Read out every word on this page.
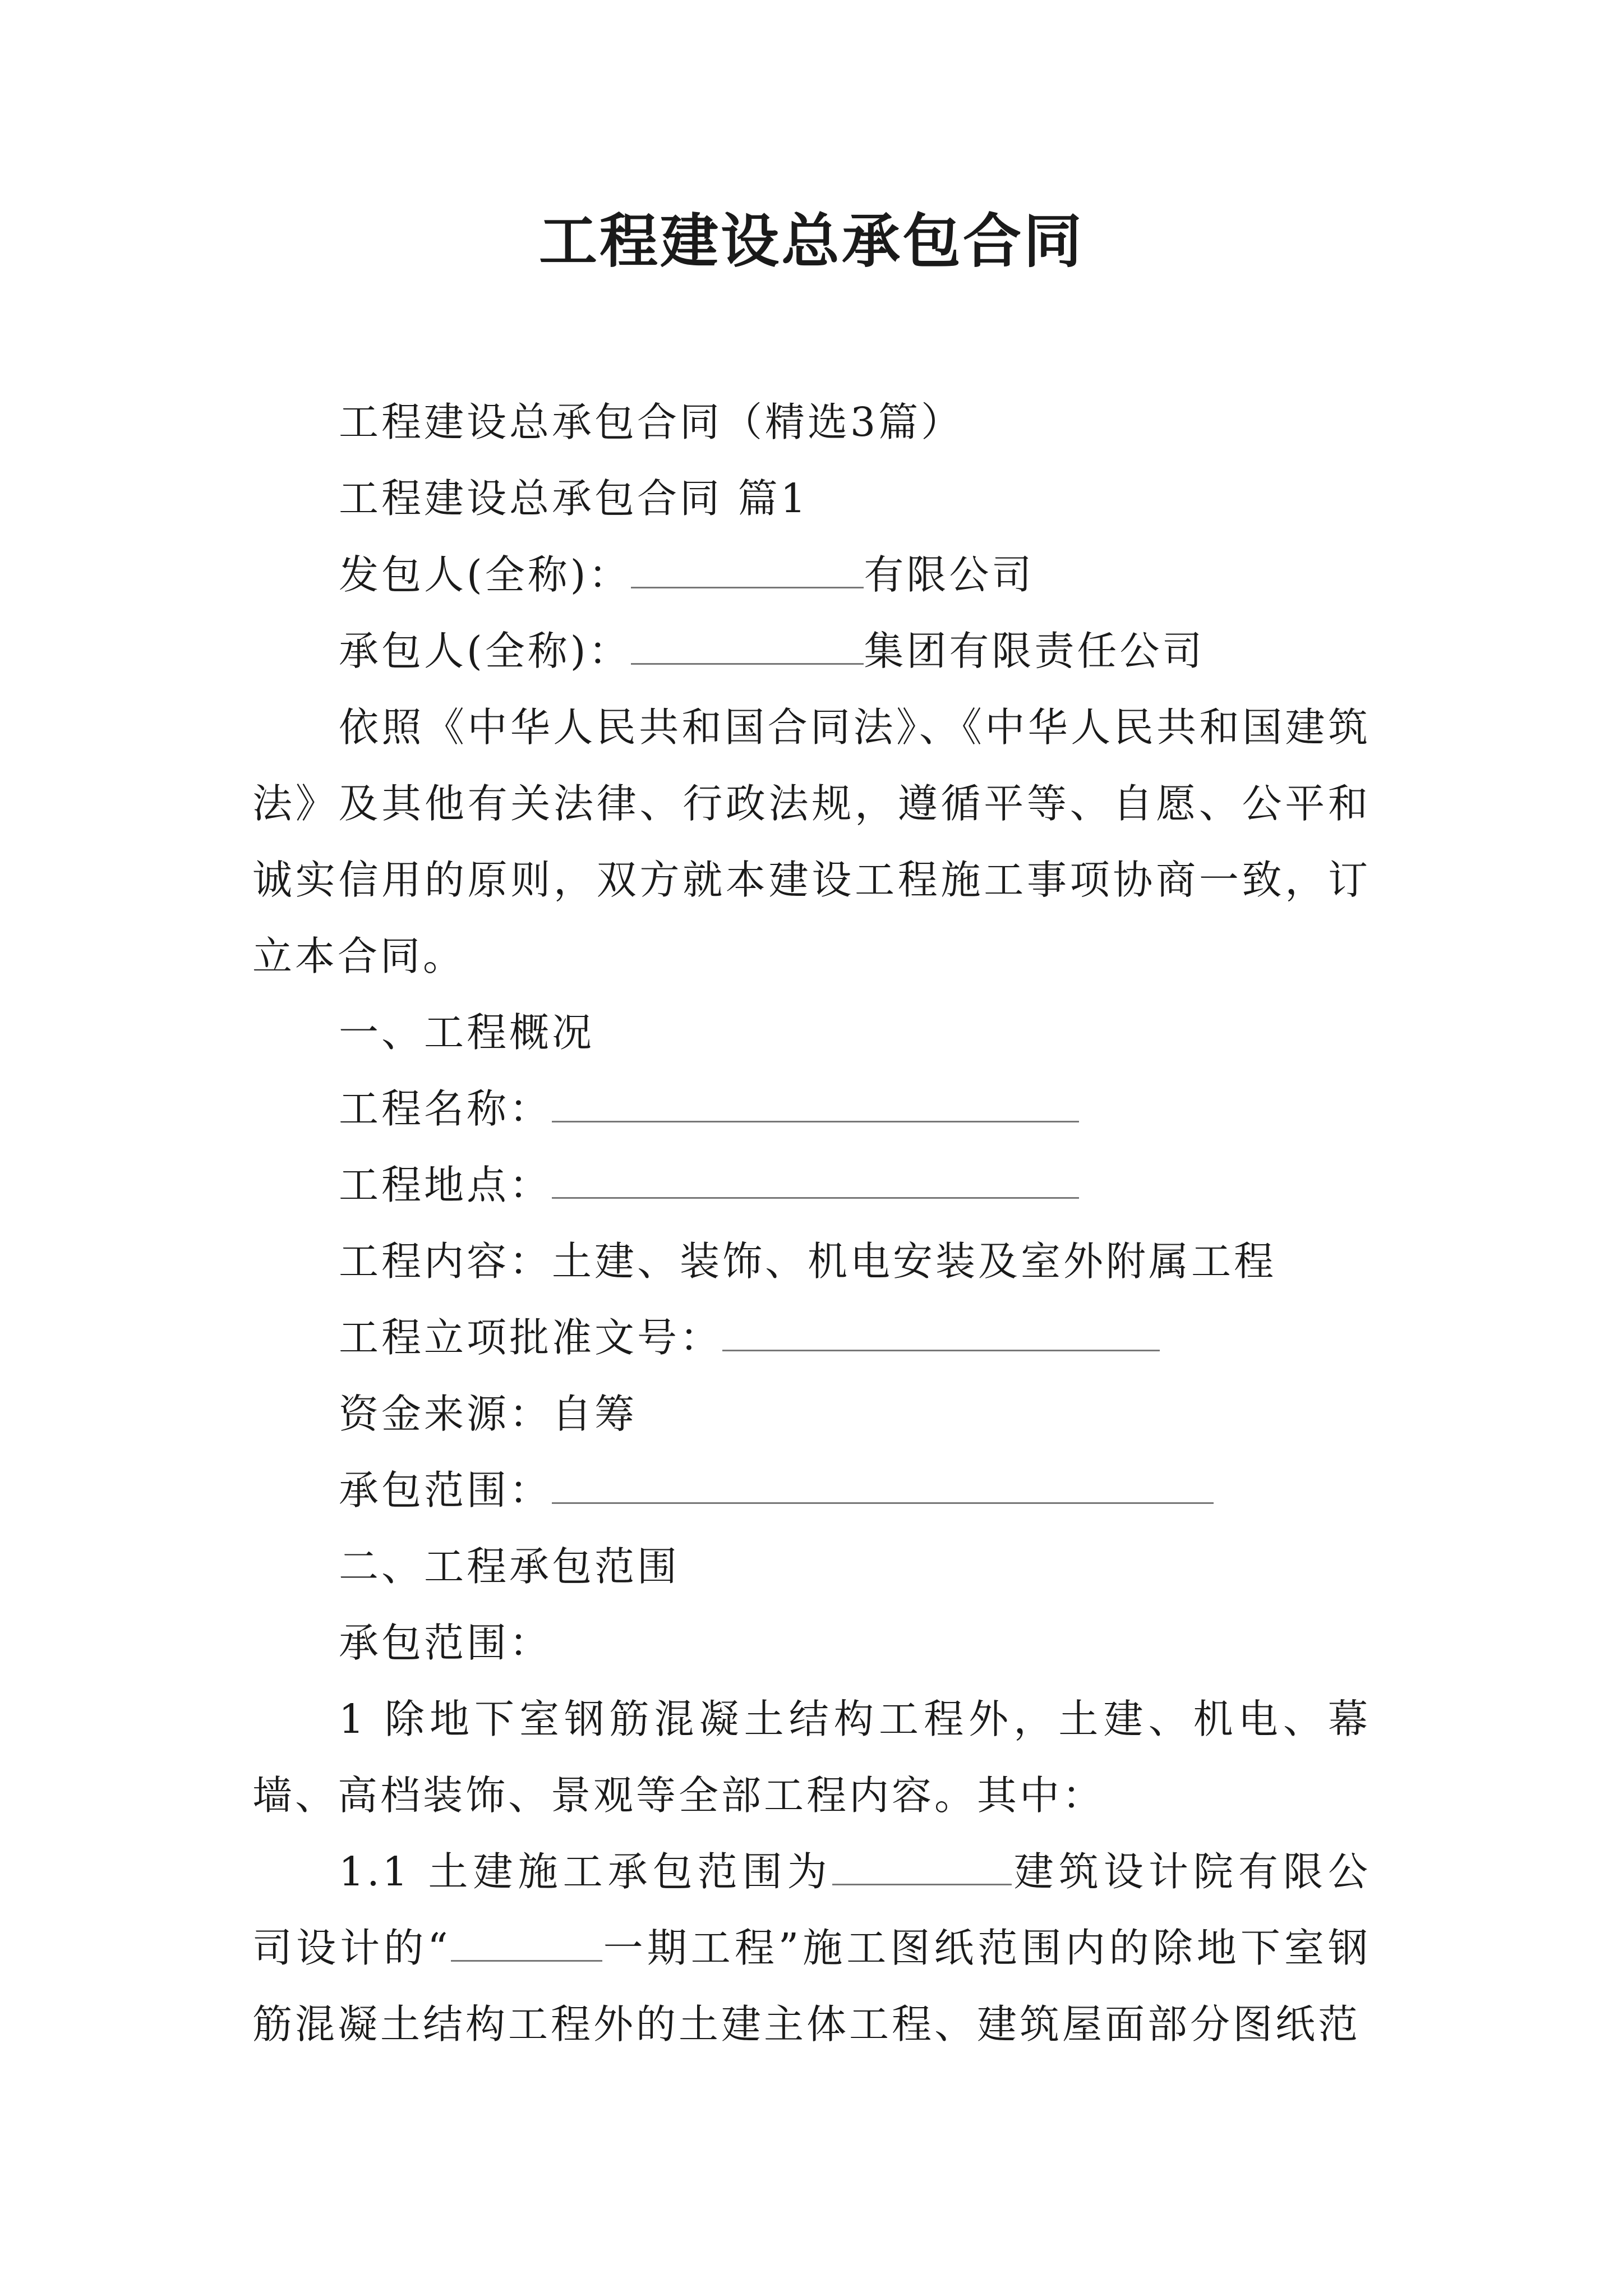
工程建设总承包合同

工程建设总承包合同（精选3篇）

工程建设总承包合同 篇1

发包人(全称)：	有限公司

承包人(全称)：	集团有限责任公司

依照《中华人民共和国合同法》、《中华人民共和国建筑法》及其他有关法律、行政法规，遵循平等、自愿、公平和诚实信用的原则，双方就本建设工程施工事项协商一致，订立本合同。

一、工程概况

工程名称：

工程地点：

工程内容：土建、装饰、机电安装及室外附属工程

工程立项批准文号：

资金来源：自筹

承包范围：

二、工程承包范围

承包范围：

1 除地下室钢筋混凝土结构工程外，土建、机电、幕墙、高档装饰、景观等全部工程内容。其中：

1.1 土建施工承包范围为	建筑设计院有限公司设计的“	一期工程”施工图纸范围内的除地下室钢筋混凝土结构工程外的土建主体工程、建筑屋面部分图纸范
